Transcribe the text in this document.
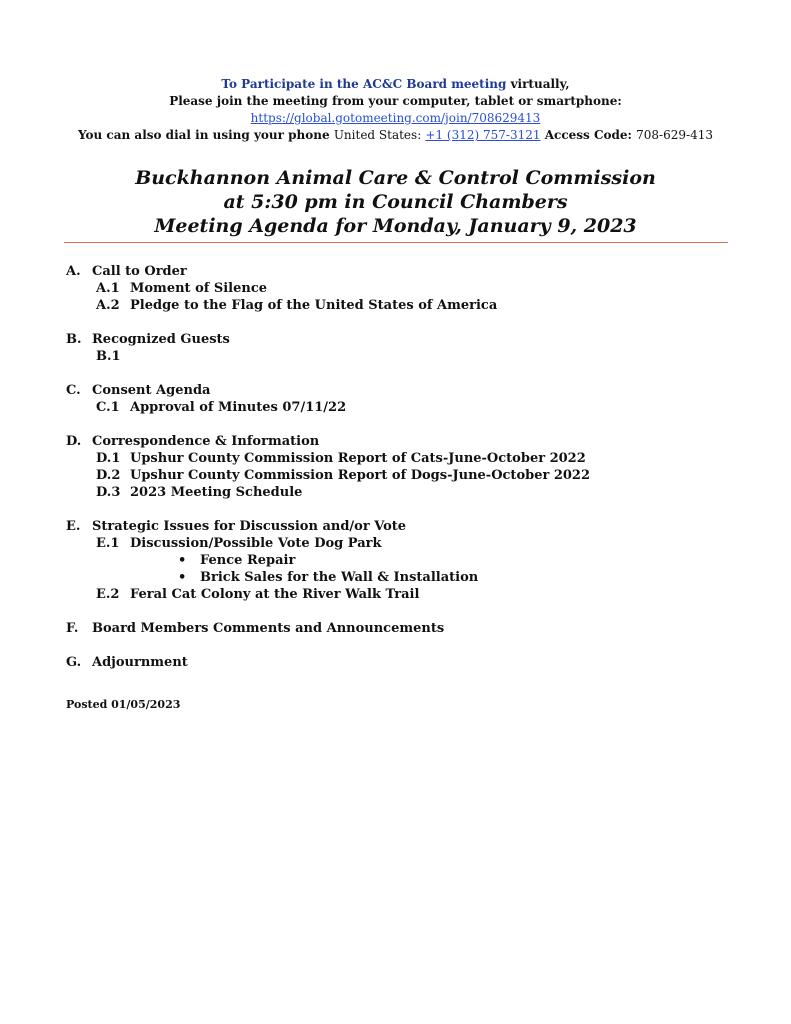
To Participate in the AC&C Board meeting virtually,
Please join the meeting from your computer, tablet or smartphone:
https://global.gotomeeting.com/join/708629413
You can also dial in using your phone United States: +1 (312) 757-3121 Access Code: 708-629-413
Buckhannon Animal Care & Control Commission
at 5:30 pm in Council Chambers
Meeting Agenda for Monday, January 9, 2023
A. Call to Order
A.1 Moment of Silence
A.2 Pledge to the Flag of the United States of America
B. Recognized Guests
B.1
C. Consent Agenda
C.1 Approval of Minutes 07/11/22
D. Correspondence & Information
D.1 Upshur County Commission Report of Cats-June-October 2022
D.2 Upshur County Commission Report of Dogs-June-October 2022
D.3 2023 Meeting Schedule
E. Strategic Issues for Discussion and/or Vote
E.1 Discussion/Possible Vote Dog Park
•	Fence Repair
•	Brick Sales for the Wall & Installation
E.2 Feral Cat Colony at the River Walk Trail
F.	Board Members Comments and Announcements
G. Adjournment
Posted 01/05/2023
